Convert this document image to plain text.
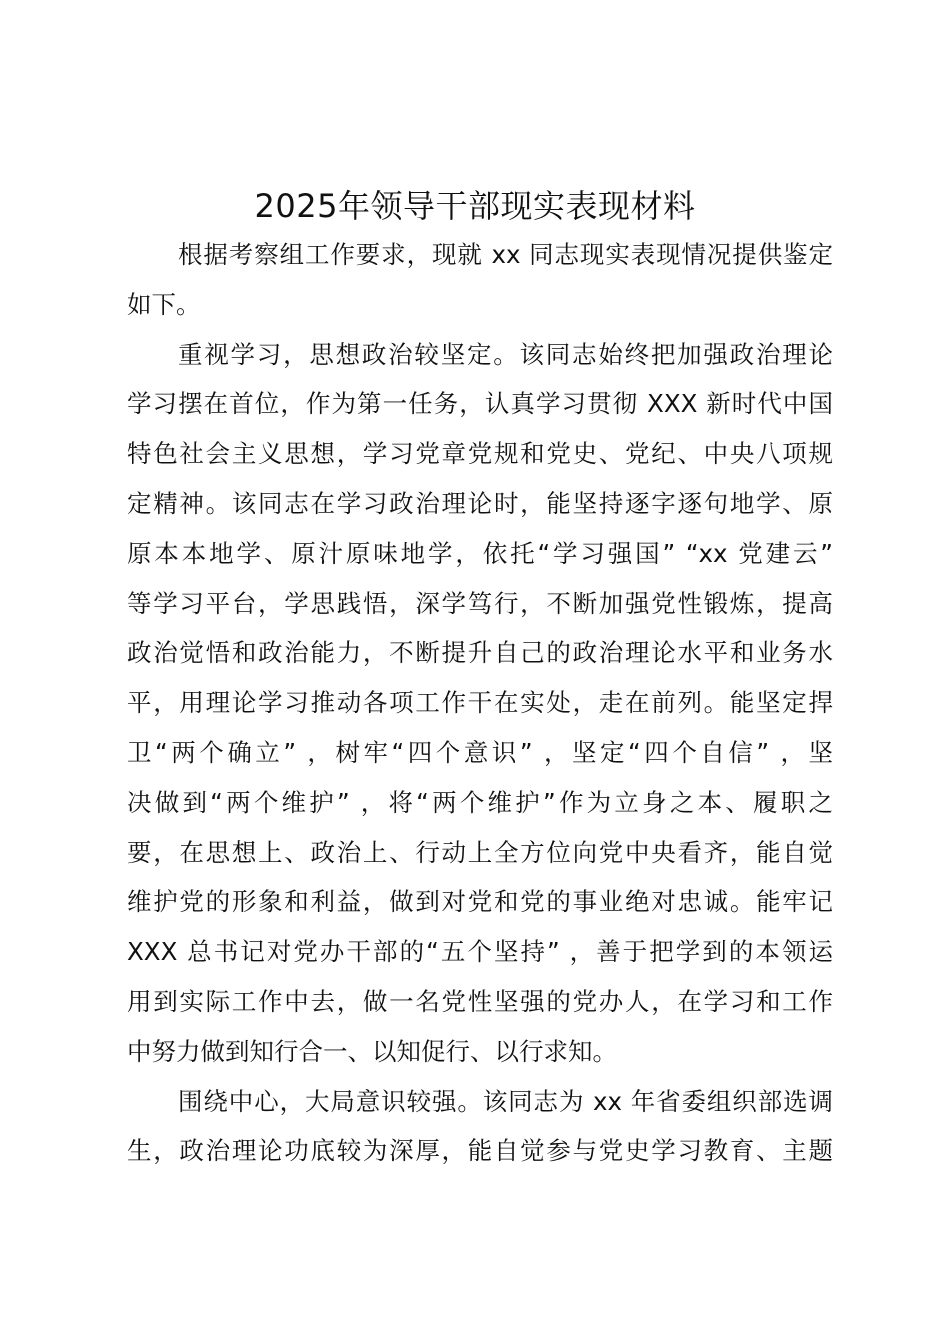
2025年领导干部现实表现材料
根据考察组工作要求，现就 xx 同志现实表现情况提供鉴定
如下。
重视学习，思想政治较坚定。该同志始终把加强政治理论
学习摆在首位，作为第一任务，认真学习贯彻 XXX 新时代中国
特色社会主义思想，学习党章党规和党史、党纪、中央八项规
定精神。该同志在学习政治理论时，能坚持逐字逐句地学、原
原本本地学、原汁原味地学，依托“学习强国” “xx 党建云”
等学习平台，学思践悟，深学笃行，不断加强党性锻炼，提高
政治觉悟和政治能力，不断提升自己的政治理论水平和业务水
平，用理论学习推动各项工作干在实处，走在前列。能坚定捍
卫“两个确立” ，树牢“四个意识” ，坚定“四个自信” ，坚
决做到“两个维护” ，将“两个维护”作为立身之本、履职之
要，在思想上、政治上、行动上全方位向党中央看齐，能自觉
维护党的形象和利益，做到对党和党的事业绝对忠诚。能牢记
XXX 总书记对党办干部的“五个坚持” ，善于把学到的本领运
用到实际工作中去，做一名党性坚强的党办人，在学习和工作
中努力做到知行合一、以知促行、以行求知。
围绕中心，大局意识较强。该同志为 xx 年省委组织部选调
生，政治理论功底较为深厚，能自觉参与党史学习教育、主题
